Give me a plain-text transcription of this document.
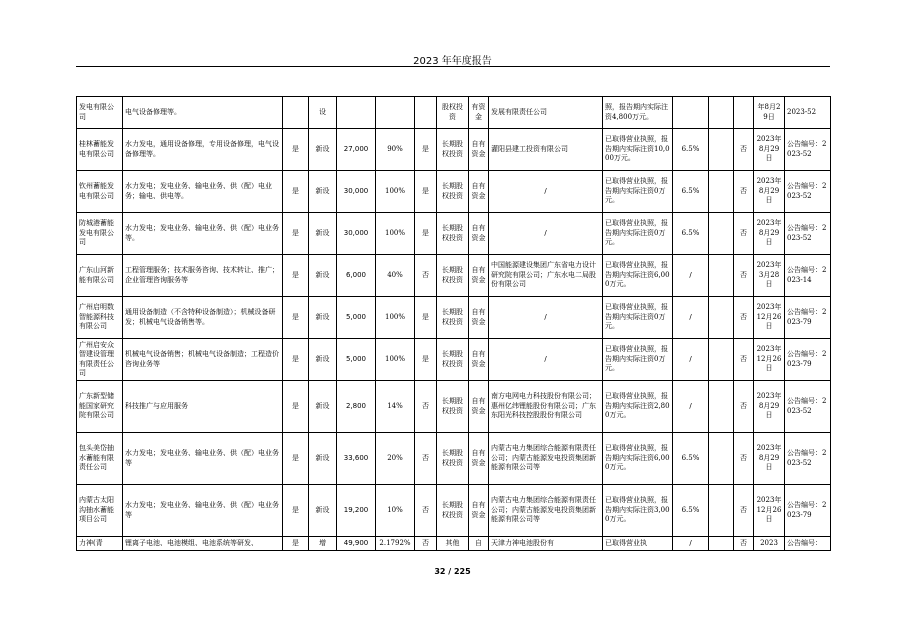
2023 年年度报告
发电有限公司	电气设备修理等。		设				股权投资	有资金	发展有限责任公司	照，报告期内实际注资4,800万元。				年8月29日	2023-52
桂林蓄能发电有限公司	水力发电，通用设备修理，专用设备修理，电气设备修理等。	是	新设	27,000	90%	是	长期股权投资	自有资金	灌阳县建工投资有限公司	已取得营业执照，报告期内实际注资10,000万元。	6.5%		否	2023年8月29日	公告编号：2023-52
钦州蓄能发电有限公司	水力发电；发电业务、输电业务、供（配）电业务；输电、供电等。	是	新设	30,000	100%	是	长期股权投资	自有资金	/	已取得营业执照，报告期内实际注资0万元。	6.5%		否	2023年8月29日	公告编号：2023-52
防城港蓄能发电有限公司	水力发电；发电业务、输电业务、供（配）电业务等。	是	新设	30,000	100%	是	长期股权投资	自有资金	/	已取得营业执照，报告期内实际注资0万元。	6.5%		否	2023年8月29日	公告编号：2023-52
广东山河新能有限公司	工程管理服务；技术服务咨询、技术转让、推广；企业管理咨询服务等	是	新设	6,000	40%	否	长期股权投资	自有资金	中国能源建设集团广东省电力设计研究院有限公司；广东水电二局股份有限公司	已取得营业执照，报告期内实际注资6,000万元。	/		否	2023年3月28日	公告编号：2023-14
广州启明数智能源科技有限公司	通用设备制造（不含特种设备制造）；机械设备研发；机械电气设备销售等。	是	新设	5,000	100%	是	长期股权投资	自有资金	/	已取得营业执照，报告期内实际注资0万元。	/		否	2023年12月26日	公告编号：2023-79
广州启安众智建设管理有限责任公司	机械电气设备销售；机械电气设备制造；工程造价咨询业务等	是	新设	5,000	100%	是	长期股权投资	自有资金	/	已取得营业执照，报告期内实际注资0万元。	/		否	2023年12月26日	公告编号：2023-79
广东新型储能国家研究院有限公司	科技推广与应用服务	是	新设	2,800	14%	否	长期股权投资	自有资金	南方电网电力科技股份有限公司；惠州亿纬锂能股份有限公司；广东东阳光科技控股股份有限公司	已取得营业执照，报告期内实际注资2,800万元。	/		否	2023年8月29日	公告编号：2023-52
包头美岱抽水蓄能有限责任公司	水力发电；发电业务、输电业务、供（配）电业务等	是	新设	33,600	20%	否	长期股权投资	自有资金	内蒙古电力集团综合能源有限责任公司；内蒙古能源发电投资集团新能源有限公司等	已取得营业执照，报告期内实际注资6,000万元。	6.5%		否	2023年8月29日	公告编号：2023-52
内蒙古太阳沟抽水蓄能项目公司	水力发电；发电业务、输电业务、供（配）电业务等	是	新设	19,200	10%	否	长期股权投资	自有资金	内蒙古电力集团综合能源有限责任公司；内蒙古能源发电投资集团新能源有限公司等	已取得营业执照，报告期内实际注资3,000万元。	6.5%		否	2023年12月26日	公告编号：2023-79
力神(青	锂离子电池、电池模组、电池系统等研发、	是	增	49,900	2.1792%	否	其他	自	天津力神电池股份有	已取得营业执	/		否	2023	公告编号：
32 / 225
